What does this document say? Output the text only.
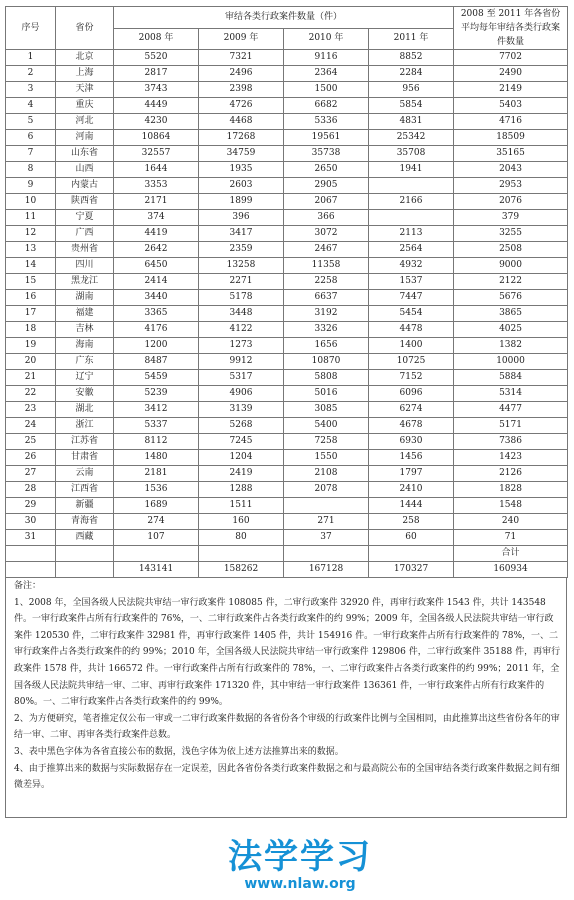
序号	省份	审结各类行政案件数量（件）				2008 至 2011 年各省份平均每年审结各类行政案件数量
		2008 年	2009 年	2010 年	2011 年	
1	北京	5520	7321	9116	8852	7702
2	上海	2817	2496	2364	2284	2490
3	天津	3743	2398	1500	956	2149
4	重庆	4449	4726	6682	5854	5403
5	河北	4230	4468	5336	4831	4716
6	河南	10864	17268	19561	25342	18509
7	山东省	32557	34759	35738	35708	35165
8	山西	1644	1935	2650	1941	2043
9	内蒙古	3353	2603	2905		2953
10	陕西省	2171	1899	2067	2166	2076
11	宁夏	374	396	366		379
12	广西	4419	3417	3072	2113	3255
13	贵州省	2642	2359	2467	2564	2508
14	四川	6450	13258	11358	4932	9000
15	黑龙江	2414	2271	2258	1537	2122
16	湖南	3440	5178	6637	7447	5676
17	福建	3365	3448	3192	5454	3865
18	吉林	4176	4122	3326	4478	4025
19	海南	1200	1273	1656	1400	1382
20	广东	8487	9912	10870	10725	10000
21	辽宁	5459	5317	5808	7152	5884
22	安徽	5239	4906	5016	6096	5314
23	湖北	3412	3139	3085	6274	4477
24	浙江	5337	5268	5400	4678	5171
25	江苏省	8112	7245	7258	6930	7386
26	甘肃省	1480	1204	1550	1456	1423
27	云南	2181	2419	2108	1797	2126
28	江西省	1536	1288	2078	2410	1828
29	新疆	1689	1511		1444	1548
30	青海省	274	160	271	258	240
31	西藏	107	80	37	60	71
						合计
		143141	158262	167128	170327	160934

备注：

1、2008 年，全国各级人民法院共审结一审行政案件 108085 件，二审行政案件 32920 件，再审行政案件 1543 件，共计 143548 件。一审行政案件占所有行政案件的 76%，一、二审行政案件占各类行政案件的约 99%；2009 年，全国各级人民法院共审结一审行政案件 120530 件，二审行政案件 32981 件，再审行政案件 1405 件，共计 154916 件。一审行政案件占所有行政案件的 78%，一、二审行政案件占各类行政案件的约 99%；2010 年，全国各级人民法院共审结一审行政案件 129806 件，二审行政案件 35188 件，再审行政案件 1578 件，共计 166572 件。一审行政案件占所有行政案件的 78%，一、二审行政案件占各类行政案件的约 99%；2011 年，全国各级人民法院共审结一审、二审、再审行政案件 171320 件，其中审结一审行政案件 136361 件，一审行政案件占所有行政案件的 80%。一、二审行政案件占各类行政案件的约 99%。

2、为方便研究，笔者推定仅公布一审或一二审行政案件数据的各省份各个审级的行政案件比例与全国相同，由此推算出这些省份各年的审结一审、二审、再审各类行政案件总数。

3、表中黑色字体为各省直接公布的数据，浅色字体为依上述方法推算出来的数据。

4、由于推算出来的数据与实际数据存在一定误差，因此各省份各类行政案件数据之和与最高院公布的全国审结各类行政案件数据之间有细微差异。

法学学习
www.nlaw.org
